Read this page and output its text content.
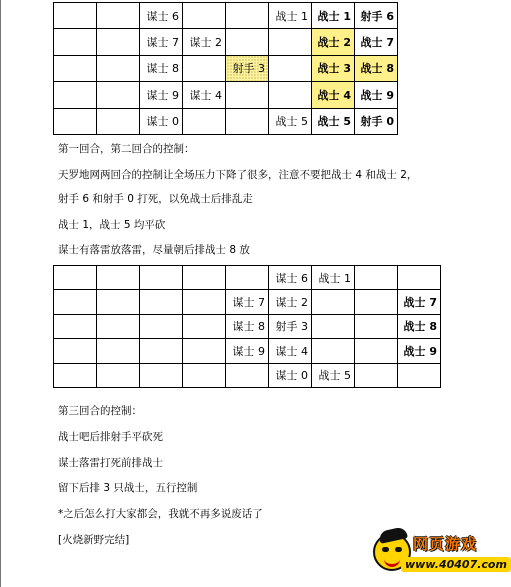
		谋士 6			战士 1	战士 1	射手 6
		谋士 7	谋士 2			战士 2	战士 7
		谋士 8		射手 3		战士 3	战士 8
		谋士 9	谋士 4			战士 4	战士 9
		谋士 0			战士 5	战士 5	射手 0

第一回合，第二回合的控制：

天罗地网两回合的控制让全场压力下降了很多，注意不要把战士 4 和战士 2，

射手 6 和射手 0 打死，以免战士后排乱走

战士 1，战士 5 均平砍

谋士有落雷放落雷，尽量朝后排战士 8 放

					谋士 6	战士 1		
				谋士 7	谋士 2			战士 7
				谋士 8	射手 3			战士 8
				谋士 9	谋士 4			战士 9
					谋士 0	战士 5		

第三回合的控制：

战士吧后排射手平砍死

谋士落雷打死前排战士

留下后排 3 只战士，五行控制

*之后怎么打大家都会，我就不再多说废话了

[火烧新野完结]	网页游戏
www.40407.com
